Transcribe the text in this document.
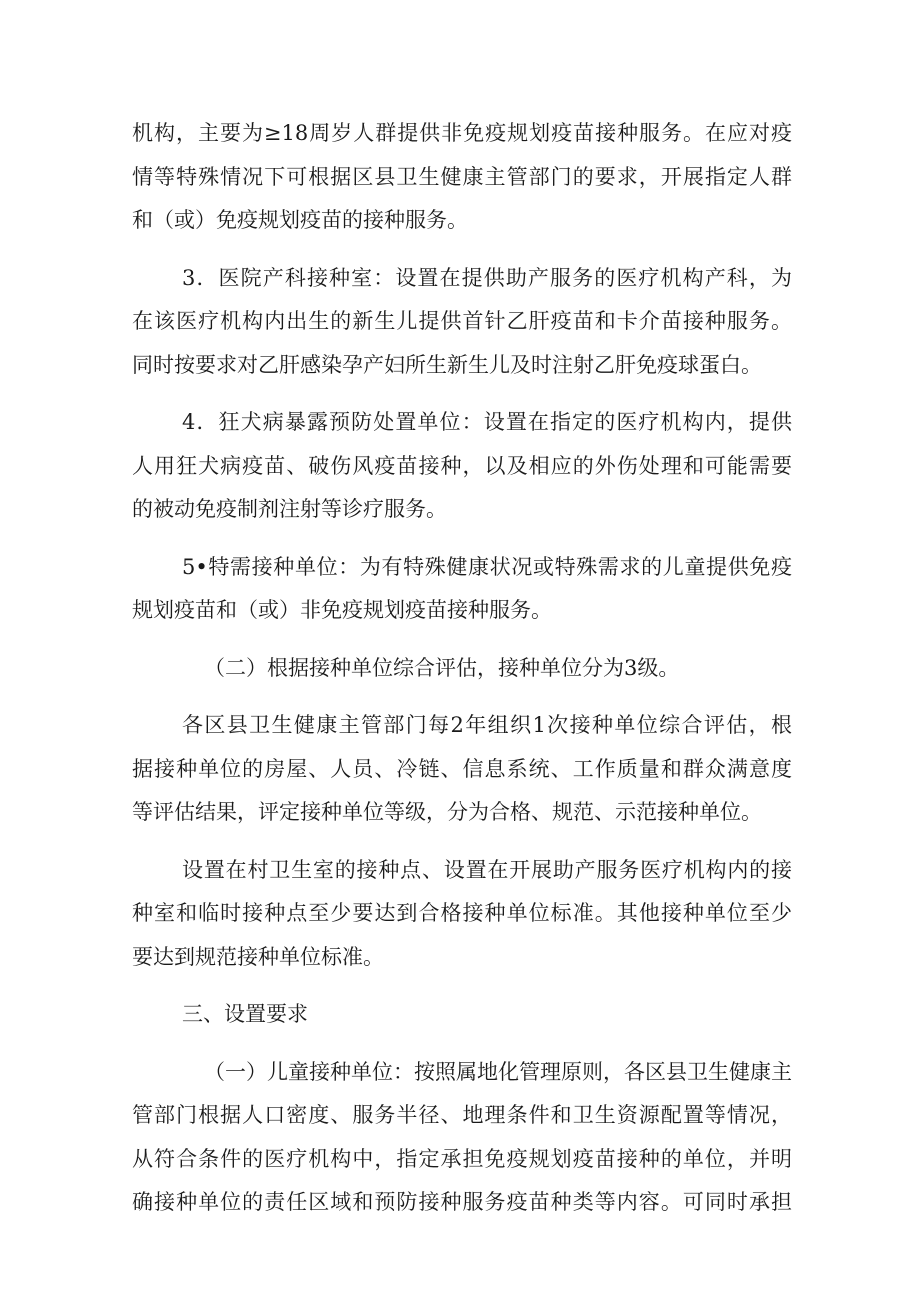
机构，主要为≥18周岁人群提供非免疫规划疫苗接种服务。在应对疫
情等特殊情况下可根据区县卫生健康主管部门的要求，开展指定人群
和（或）免疫规划疫苗的接种服务。
3．医院产科接种室：设置在提供助产服务的医疗机构产科，为
在该医疗机构内出生的新生儿提供首针乙肝疫苗和卡介苗接种服务。
同时按要求对乙肝感染孕产妇所生新生儿及时注射乙肝免疫球蛋白。
4．狂犬病暴露预防处置单位：设置在指定的医疗机构内，提供
人用狂犬病疫苗、破伤风疫苗接种，以及相应的外伤处理和可能需要
的被动免疫制剂注射等诊疗服务。
5•特需接种单位：为有特殊健康状况或特殊需求的儿童提供免疫
规划疫苗和（或）非免疫规划疫苗接种服务。
（二）根据接种单位综合评估，接种单位分为3级。
各区县卫生健康主管部门每2年组织1次接种单位综合评估，根
据接种单位的房屋、人员、冷链、信息系统、工作质量和群众满意度
等评估结果，评定接种单位等级，分为合格、规范、示范接种单位。
设置在村卫生室的接种点、设置在开展助产服务医疗机构内的接
种室和临时接种点至少要达到合格接种单位标准。其他接种单位至少
要达到规范接种单位标准。
三、设置要求
（一）儿童接种单位：按照属地化管理原则，各区县卫生健康主
管部门根据人口密度、服务半径、地理条件和卫生资源配置等情况，
从符合条件的医疗机构中，指定承担免疫规划疫苗接种的单位，并明
确接种单位的责任区域和预防接种服务疫苗种类等内容。可同时承担
